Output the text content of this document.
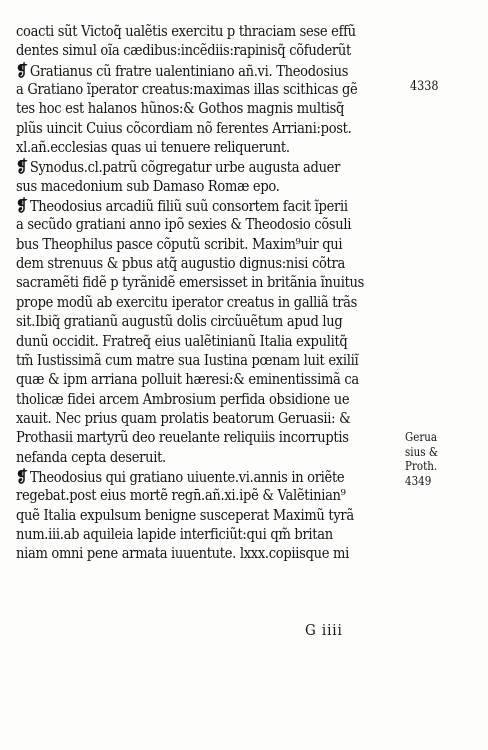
coacti sũt Victoq̃ ualẽtis exercitu p thraciam sese effũ
dentes simul oĩa cædibus:incẽdiis:rapinisq̃ cõfuderũt
❡ Gratianus cũ fratre ualentiniano añ.vi. Theodosius
a Gratiano ĩperator creatus:maximas illas scithicas gẽ
tes hoc est halanos hũnos:& Gothos magnis multisq̃
plũs uincit Cuius cõcordiam nõ ferentes Arriani:post.
xl.añ.ecclesias quas ui tenuere reliquerunt.
❡ Synodus.cl.patrũ cõgregatur urbe augusta aduer
sus macedonium sub Damaso Romæ epo.
❡ Theodosius arcadiũ filiũ suũ consortem facit ĩperii
a secũdo gratiani anno ipõ sexies & Theodosio cõsuli
bus Theophilus pasce cõputũ scribit. Maxim⁹uir qui
dem strenuus & pbus atq̃ augustio dignus:nisi cõtra
sacramẽti fidẽ p tyrãnidẽ emersisset in britãnia ĩnuitus
prope modũ ab exercitu iperator creatus in galliã trãs
sit.Ibiq̃ gratianũ augustũ dolis circũuẽtum apud lug
dunũ occidit. Fratreq̃ eius ualẽtinianũ Italia expulitq̃
tm̃ Iustissimã cum matre sua Iustina pœnam luit exiliĩ
quæ & ipm arriana polluit hæresi:& eminentissimã ca
tholicæ fidei arcem Ambrosium perfida obsidione ue
xauit. Nec prius quam prolatis beatorum Geruasii: &
Prothasii martyrũ deo reuelante reliquiis incorruptis
nefanda cepta deseruit.
❡ Theodosius qui gratiano uiuente.vi.annis in oriẽte
regebat.post eius mortẽ regn̄.añ.xi.ipẽ & Valẽtinian⁹
quẽ Italia expulsum benigne susceperat Maximũ tyrã
num.iii.ab aquileia lapide interficiũt:qui qm̃ britan
niam omni pene armata iuuentute. lxxx.copiisque mi
4338
Geruа
sius &
Proth.
4349
G iiii
